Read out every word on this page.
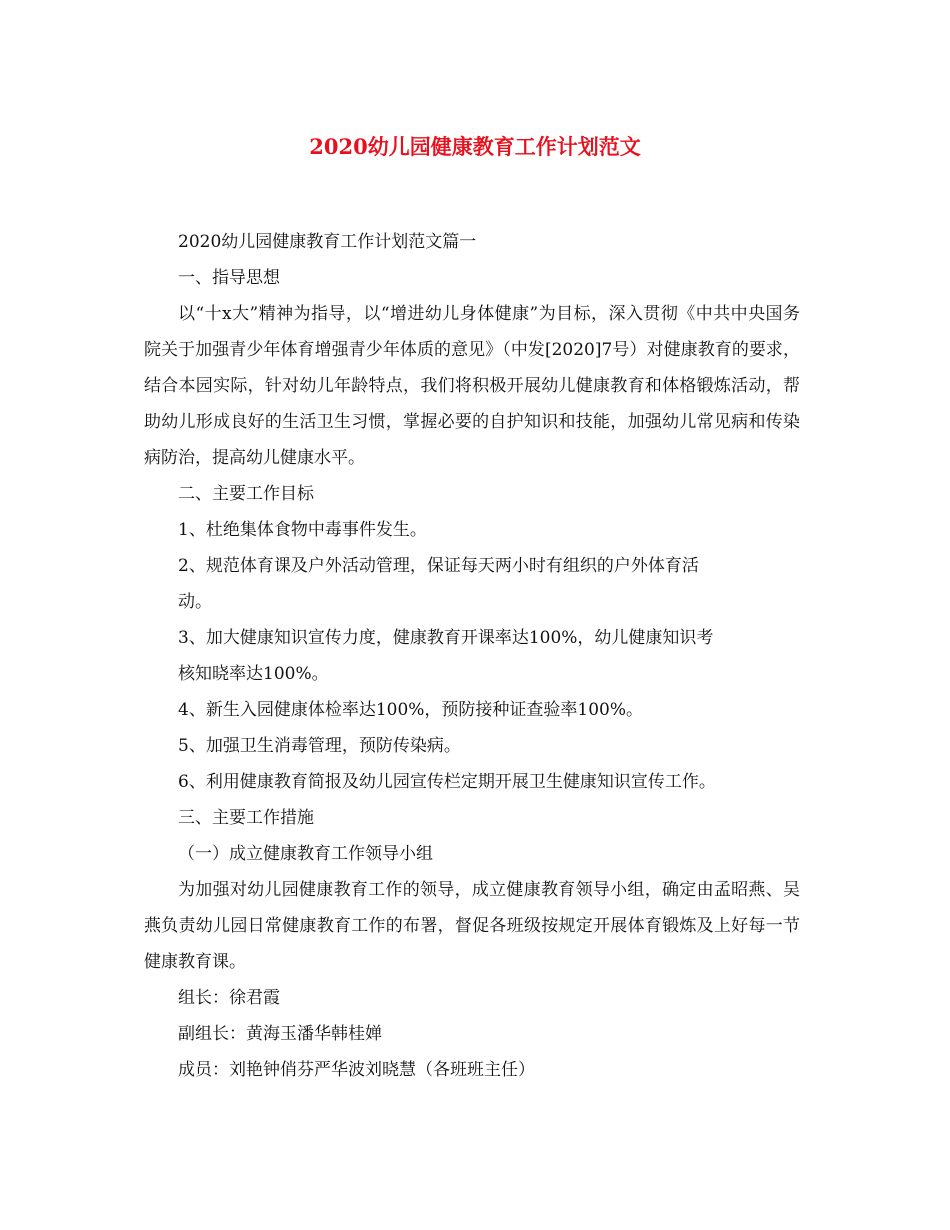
2020幼儿园健康教育工作计划范文

2020幼儿园健康教育工作计划范文篇一

一、指导思想

以“十x大”精神为指导，以“增进幼儿身体健康”为目标，深入贯彻《中共中央国务院关于加强青少年体育增强青少年体质的意见》（中发[2020]7号）对健康教育的要求，结合本园实际，针对幼儿年龄特点，我们将积极开展幼儿健康教育和体格锻炼活动，帮助幼儿形成良好的生活卫生习惯，掌握必要的自护知识和技能，加强幼儿常见病和传染病防治，提高幼儿健康水平。

二、主要工作目标

1、杜绝集体食物中毒事件发生。

2、规范体育课及户外活动管理，保证每天两小时有组织的户外体育活

动。

3、加大健康知识宣传力度，健康教育开课率达100%，幼儿健康知识考

核知晓率达100%。

4、新生入园健康体检率达100%，预防接种证查验率100%。

5、加强卫生消毒管理，预防传染病。

6、利用健康教育简报及幼儿园宣传栏定期开展卫生健康知识宣传工作。

三、主要工作措施

（一）成立健康教育工作领导小组

为加强对幼儿园健康教育工作的领导，成立健康教育领导小组，确定由孟昭燕、吴燕负责幼儿园日常健康教育工作的布署，督促各班级按规定开展体育锻炼及上好每一节健康教育课。

组长：徐君霞

副组长：黄海玉潘华韩桂婵

成员：刘艳钟俏芬严华波刘晓慧（各班班主任）
